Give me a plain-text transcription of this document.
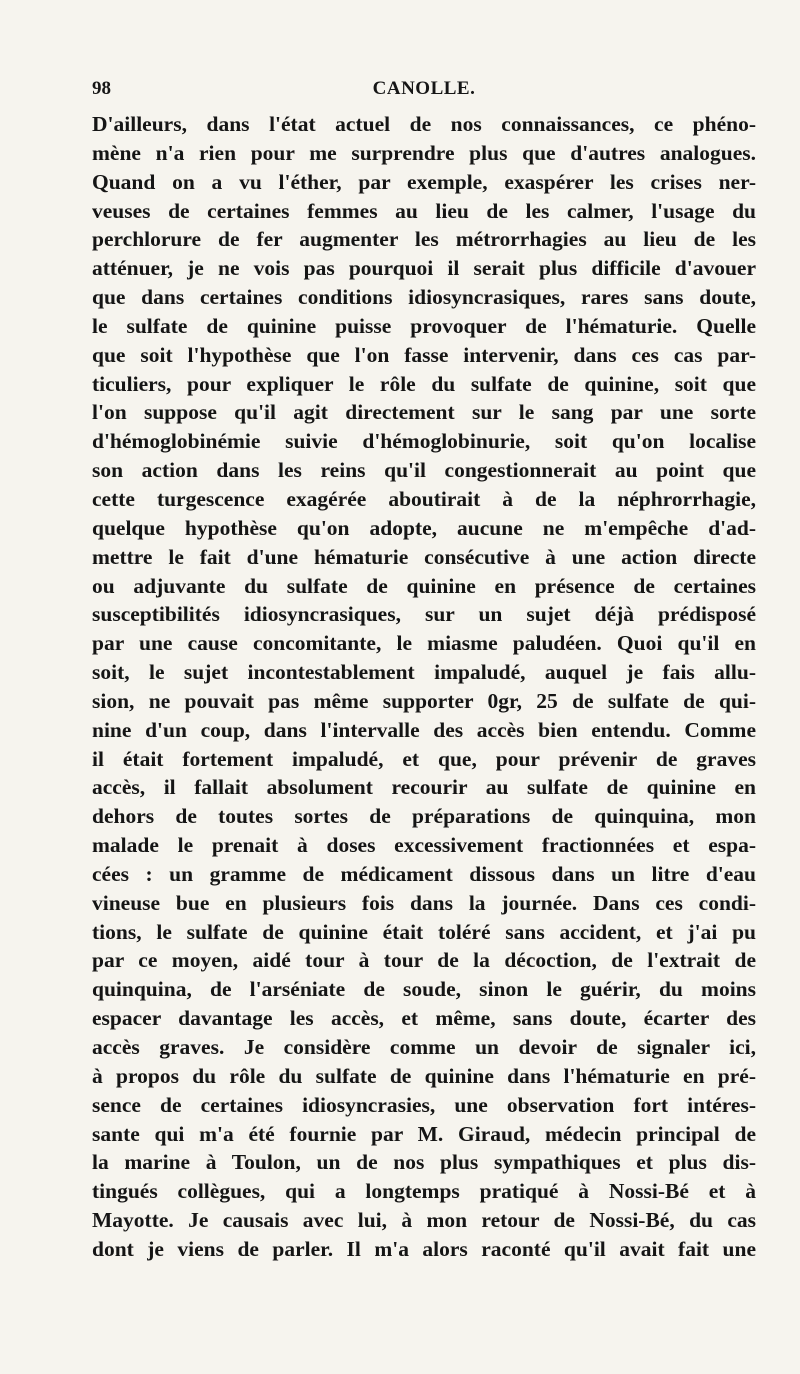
98	CANOLLE.
D'ailleurs, dans l'état actuel de nos connaissances, ce phéno-
mène n'a rien pour me surprendre plus que d'autres analogues.
Quand on a vu l'éther, par exemple, exaspérer les crises ner-
veuses de certaines femmes au lieu de les calmer, l'usage du
perchlorure de fer augmenter les métrorrhagies au lieu de les
atténuer, je ne vois pas pourquoi il serait plus difficile d'avouer
que dans certaines conditions idiosyncrasiques, rares sans doute,
le sulfate de quinine puisse provoquer de l'hématurie. Quelle
que soit l'hypothèse que l'on fasse intervenir, dans ces cas par-
ticuliers, pour expliquer le rôle du sulfate de quinine, soit que
l'on suppose qu'il agit directement sur le sang par une sorte
d'hémoglobinémie suivie d'hémoglobinurie, soit qu'on localise
son action dans les reins qu'il congestionnerait au point que
cette turgescence exagérée aboutirait à de la néphrorrhagie,
quelque hypothèse qu'on adopte, aucune ne m'empêche d'ad-
mettre le fait d'une hématurie consécutive à une action directe
ou adjuvante du sulfate de quinine en présence de certaines
susceptibilités idiosyncrasiques, sur un sujet déjà prédisposé
par une cause concomitante, le miasme paludéen. Quoi qu'il en
soit, le sujet incontestablement impaludé, auquel je fais allu-
sion, ne pouvait pas même supporter 0gr, 25 de sulfate de qui-
nine d'un coup, dans l'intervalle des accès bien entendu. Comme
il était fortement impaludé, et que, pour prévenir de graves
accès, il fallait absolument recourir au sulfate de quinine en
dehors de toutes sortes de préparations de quinquina, mon
malade le prenait à doses excessivement fractionnées et espa-
cées : un gramme de médicament dissous dans un litre d'eau
vineuse bue en plusieurs fois dans la journée. Dans ces condi-
tions, le sulfate de quinine était toléré sans accident, et j'ai pu
par ce moyen, aidé tour à tour de la décoction, de l'extrait de
quinquina, de l'arséniate de soude, sinon le guérir, du moins
espacer davantage les accès, et même, sans doute, écarter des
accès graves. Je considère comme un devoir de signaler ici,
à propos du rôle du sulfate de quinine dans l'hématurie en pré-
sence de certaines idiosyncrasies, une observation fort intéres-
sante qui m'a été fournie par M. Giraud, médecin principal de
la marine à Toulon, un de nos plus sympathiques et plus dis-
tingués collègues, qui a longtemps pratiqué à Nossi-Bé et à
Mayotte. Je causais avec lui, à mon retour de Nossi-Bé, du cas
dont je viens de parler. Il m'a alors raconté qu'il avait fait une
